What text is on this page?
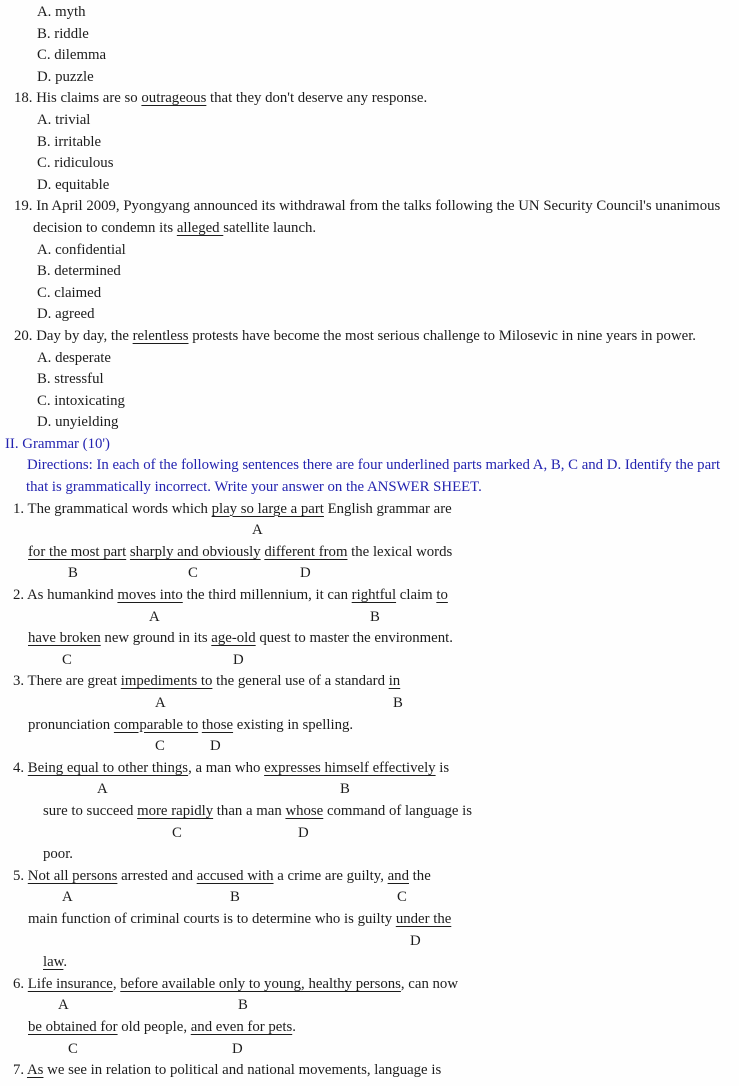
A. myth
B. riddle
C. dilemma
D. puzzle
18. His claims are so outrageous that they don't deserve any response.
A. trivial
B. irritable
C. ridiculous
D. equitable
19. In April 2009, Pyongyang announced its withdrawal from the talks following the UN Security Council's unanimous
decision to condemn its alleged satellite launch.
A. confidential
B. determined
C. claimed
D. agreed
20. Day by day, the relentless protests have become the most serious challenge to Milosevic in nine years in power.
A. desperate
B. stressful
C. intoxicating
D. unyielding
II. Grammar (10')
Directions: In each of the following sentences there are four underlined parts marked A, B, C and D. Identify the part
that is grammatically incorrect. Write your answer on the ANSWER SHEET.
1. The grammatical words which play so large a part English grammar are
A
for the most part sharply and obviously different from the lexical words
B	C	D
2. As humankind moves into the third millennium, it can rightful claim to
A	B
have broken new ground in its age-old quest to master the environment.
C	D
3. There are great impediments to the general use of a standard in
A	B
pronunciation comparable to those existing in spelling.
C	D
4. Being equal to other things, a man who expresses himself effectively is
A	B
sure to succeed more rapidly than a man whose command of language is
C	D
poor.
5. Not all persons arrested and accused with a crime are guilty, and the
A	B	C
main function of criminal courts is to determine who is guilty under the
D
law.
6. Life insurance, before available only to young, healthy persons, can now
A	B
be obtained for old people, and even for pets.
C	D
7. As we see in relation to political and national movements, language is
